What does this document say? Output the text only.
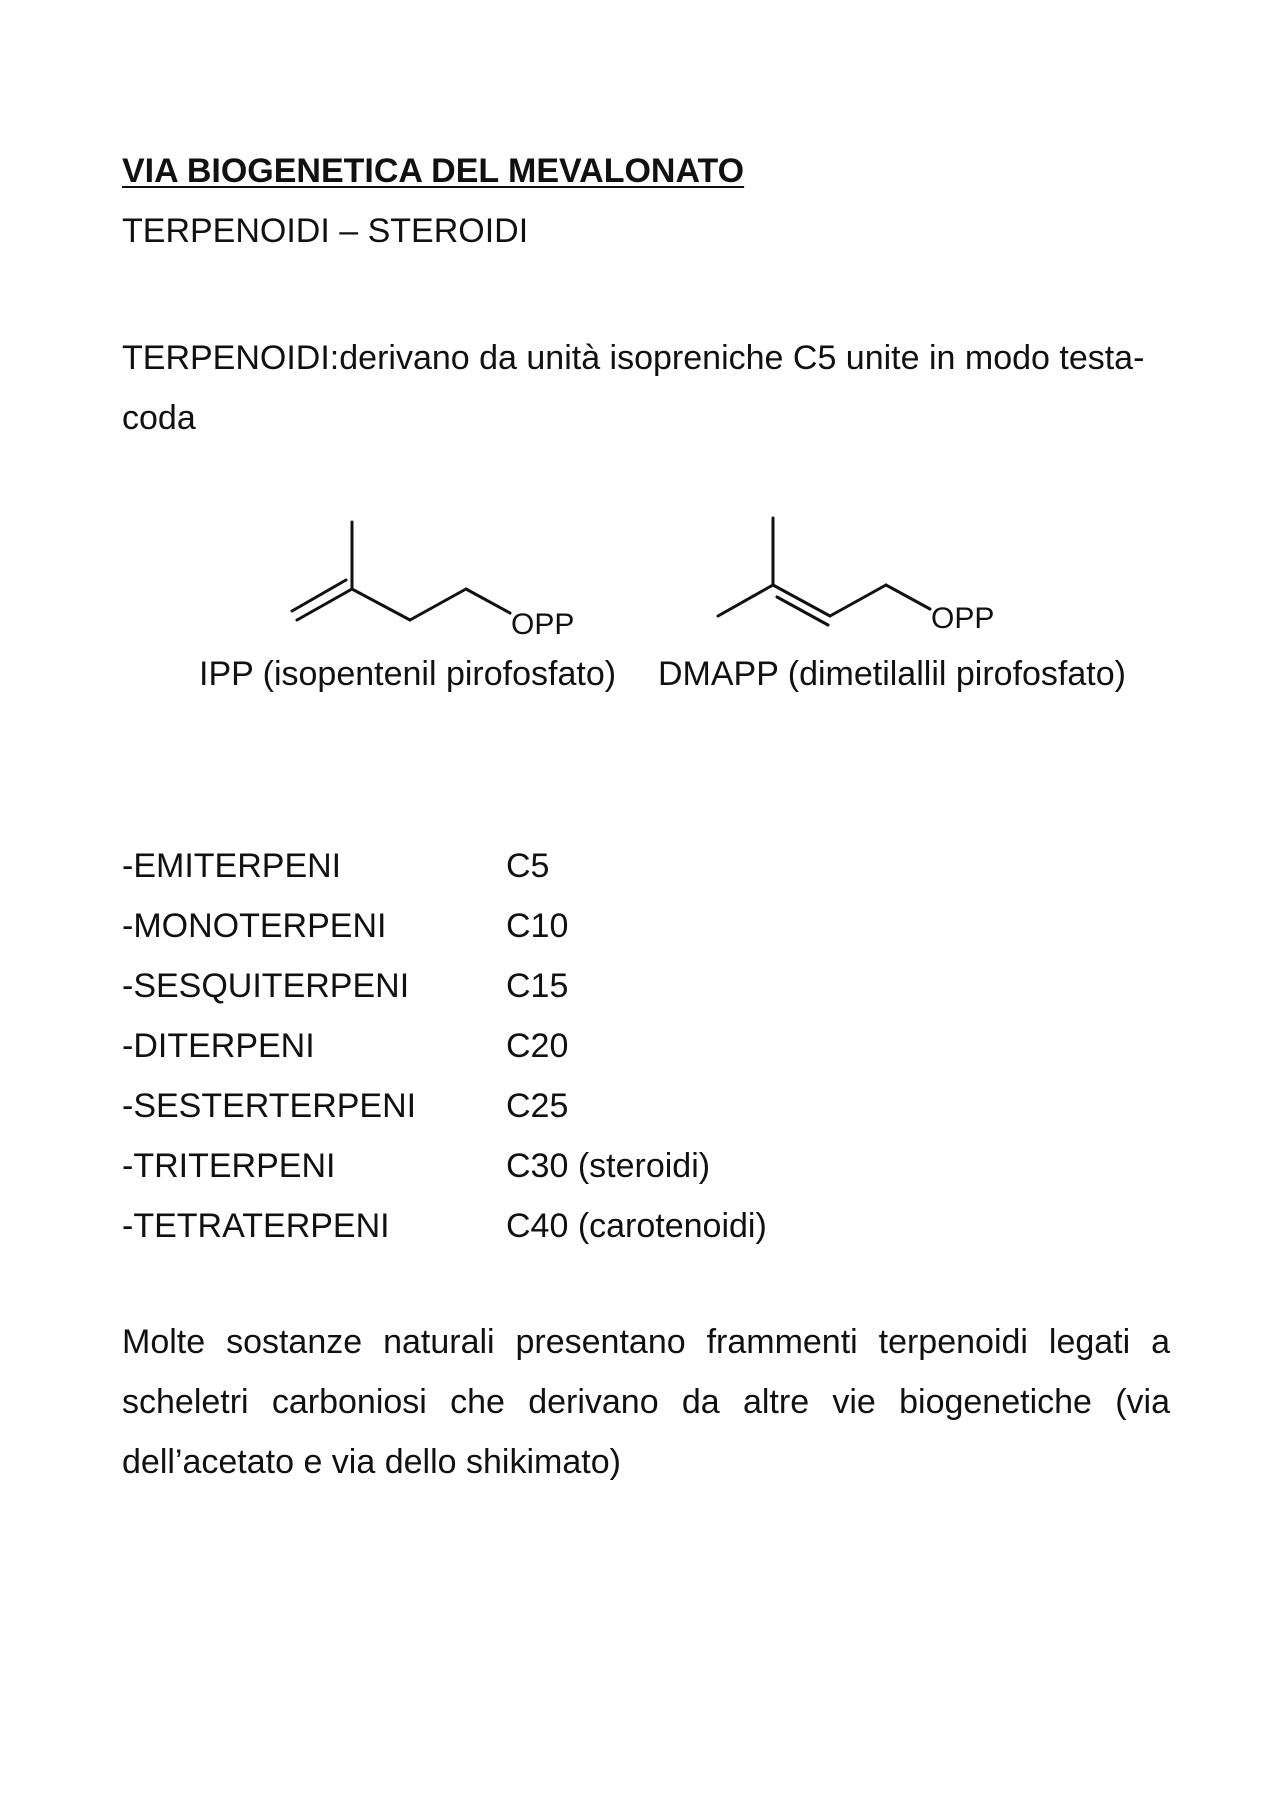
VIA BIOGENETICA DEL MEVALONATO

TERPENOIDI – STEROIDI

TERPENOIDI:derivano da unità isopreniche C5 unite in modo testa-
coda

OPP	OPP
IPP (isopentenil pirofosfato) DMAPP (dimetilallil pirofosfato)
-EMITERPENI	C5
-MONOTERPENI	C10
-SESQUITERPENI	C15
-DITERPENI	C20
-SESTERTERPENI	C25
-TRITERPENI	C30 (steroidi)
-TETRATERPENI	C40 (carotenoidi)

Molte sostanze naturali presentano frammenti terpenoidi legati a scheletri carboniosi che derivano da altre vie biogenetiche (via dell’acetato e via dello shikimato)
